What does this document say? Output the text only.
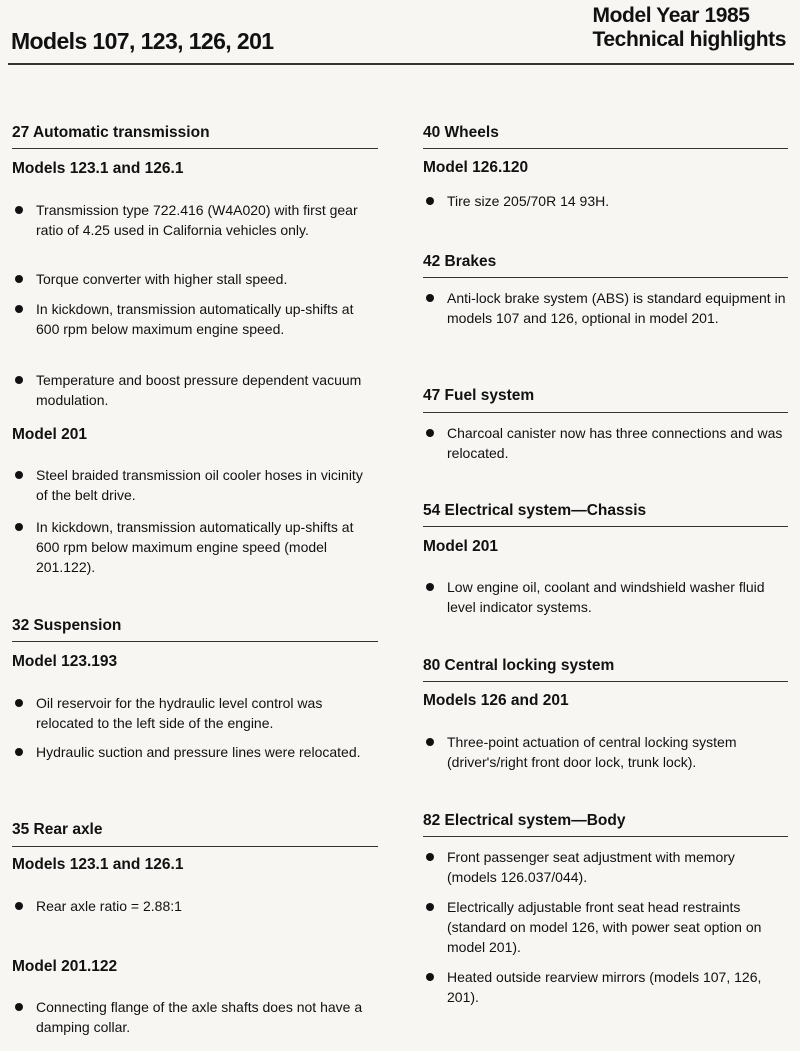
Models 107, 123, 126, 201
Model Year 1985
Technical highlights
27 Automatic transmission
Models 123.1 and 126.1
Transmission type 722.416 (W4A020) with first gear ratio of 4.25 used in California vehicles only.
Torque converter with higher stall speed.
In kickdown, transmission automatically up-shifts at 600 rpm below maximum engine speed.
Temperature and boost pressure dependent vacuum modulation.
Model 201
Steel braided transmission oil cooler hoses in vicinity of the belt drive.
In kickdown, transmission automatically up-shifts at 600 rpm below maximum engine speed (model 201.122).
32 Suspension
Model 123.193
Oil reservoir for the hydraulic level control was relocated to the left side of the engine.
Hydraulic suction and pressure lines were relocated.
35 Rear axle
Models 123.1 and 126.1
Rear axle ratio = 2.88:1
Model 201.122
Connecting flange of the axle shafts does not have a damping collar.
40 Wheels
Model 126.120
Tire size 205/70R 14 93H.
42 Brakes
Anti-lock brake system (ABS) is standard equipment in models 107 and 126, optional in model 201.
47 Fuel system
Charcoal canister now has three connections and was relocated.
54 Electrical system—Chassis
Model 201
Low engine oil, coolant and windshield washer fluid level indicator systems.
80 Central locking system
Models 126 and 201
Three-point actuation of central locking system (driver's/right front door lock, trunk lock).
82 Electrical system—Body
Front passenger seat adjustment with memory (models 126.037/044).
Electrically adjustable front seat head restraints (standard on model 126, with power seat option on model 201).
Heated outside rearview mirrors (models 107, 126, 201).
